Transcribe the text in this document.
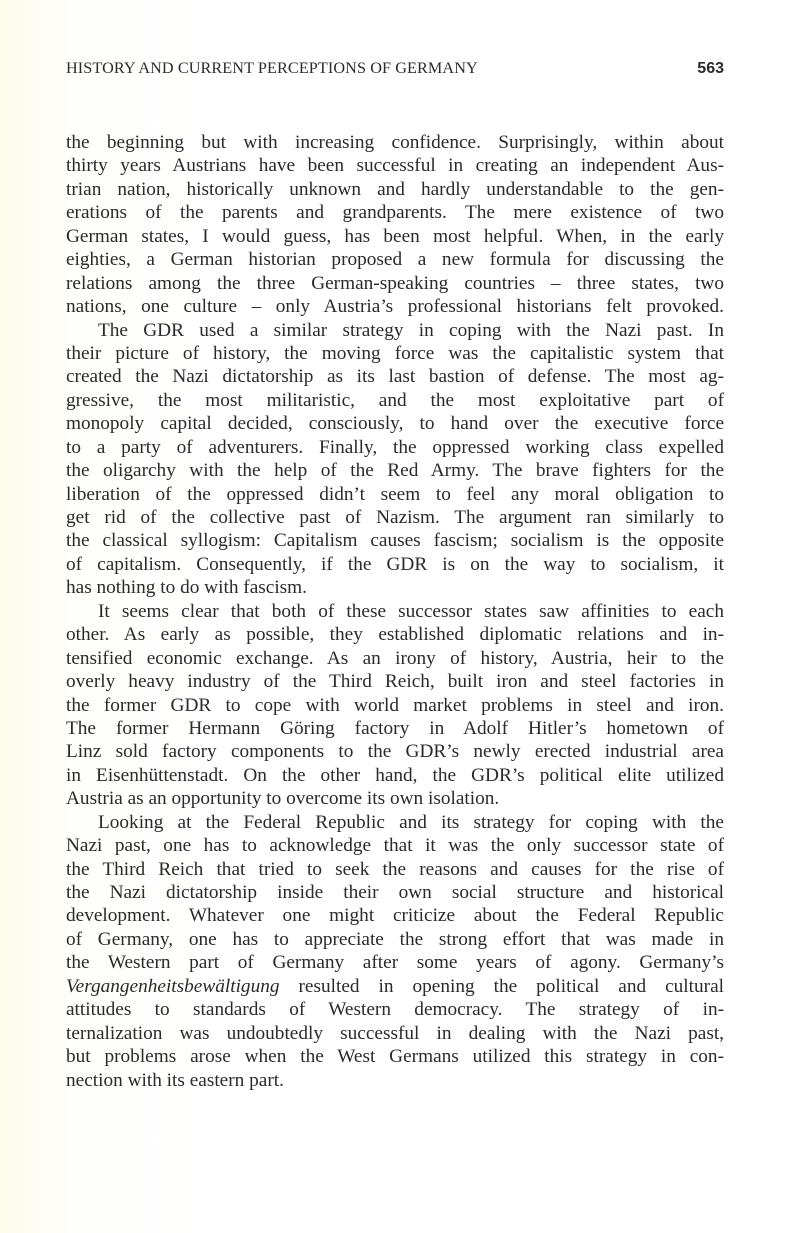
HISTORY AND CURRENT PERCEPTIONS OF GERMANY	563
the beginning but with increasing confidence. Surprisingly, within about
thirty years Austrians have been successful in creating an independent Aus-
trian nation, historically unknown and hardly understandable to the gen-
erations of the parents and grandparents. The mere existence of two
German states, I would guess, has been most helpful. When, in the early
eighties, a German historian proposed a new formula for discussing the
relations among the three German-speaking countries – three states, two
nations, one culture – only Austria’s professional historians felt provoked.
The GDR used a similar strategy in coping with the Nazi past. In
their picture of history, the moving force was the capitalistic system that
created the Nazi dictatorship as its last bastion of defense. The most ag-
gressive, the most militaristic, and the most exploitative part of
monopoly capital decided, consciously, to hand over the executive force
to a party of adventurers. Finally, the oppressed working class expelled
the oligarchy with the help of the Red Army. The brave fighters for the
liberation of the oppressed didn’t seem to feel any moral obligation to
get rid of the collective past of Nazism. The argument ran similarly to
the classical syllogism: Capitalism causes fascism; socialism is the opposite
of capitalism. Consequently, if the GDR is on the way to socialism, it
has nothing to do with fascism.
It seems clear that both of these successor states saw affinities to each
other. As early as possible, they established diplomatic relations and in-
tensified economic exchange. As an irony of history, Austria, heir to the
overly heavy industry of the Third Reich, built iron and steel factories in
the former GDR to cope with world market problems in steel and iron.
The former Hermann Göring factory in Adolf Hitler’s hometown of
Linz sold factory components to the GDR’s newly erected industrial area
in Eisenhüttenstadt. On the other hand, the GDR’s political elite utilized
Austria as an opportunity to overcome its own isolation.
Looking at the Federal Republic and its strategy for coping with the
Nazi past, one has to acknowledge that it was the only successor state of
the Third Reich that tried to seek the reasons and causes for the rise of
the Nazi dictatorship inside their own social structure and historical
development. Whatever one might criticize about the Federal Republic
of Germany, one has to appreciate the strong effort that was made in
the Western part of Germany after some years of agony. Germany’s
Vergangenheitsbewältigung resulted in opening the political and cultural
attitudes to standards of Western democracy. The strategy of in-
ternalization was undoubtedly successful in dealing with the Nazi past,
but problems arose when the West Germans utilized this strategy in con-
nection with its eastern part.
